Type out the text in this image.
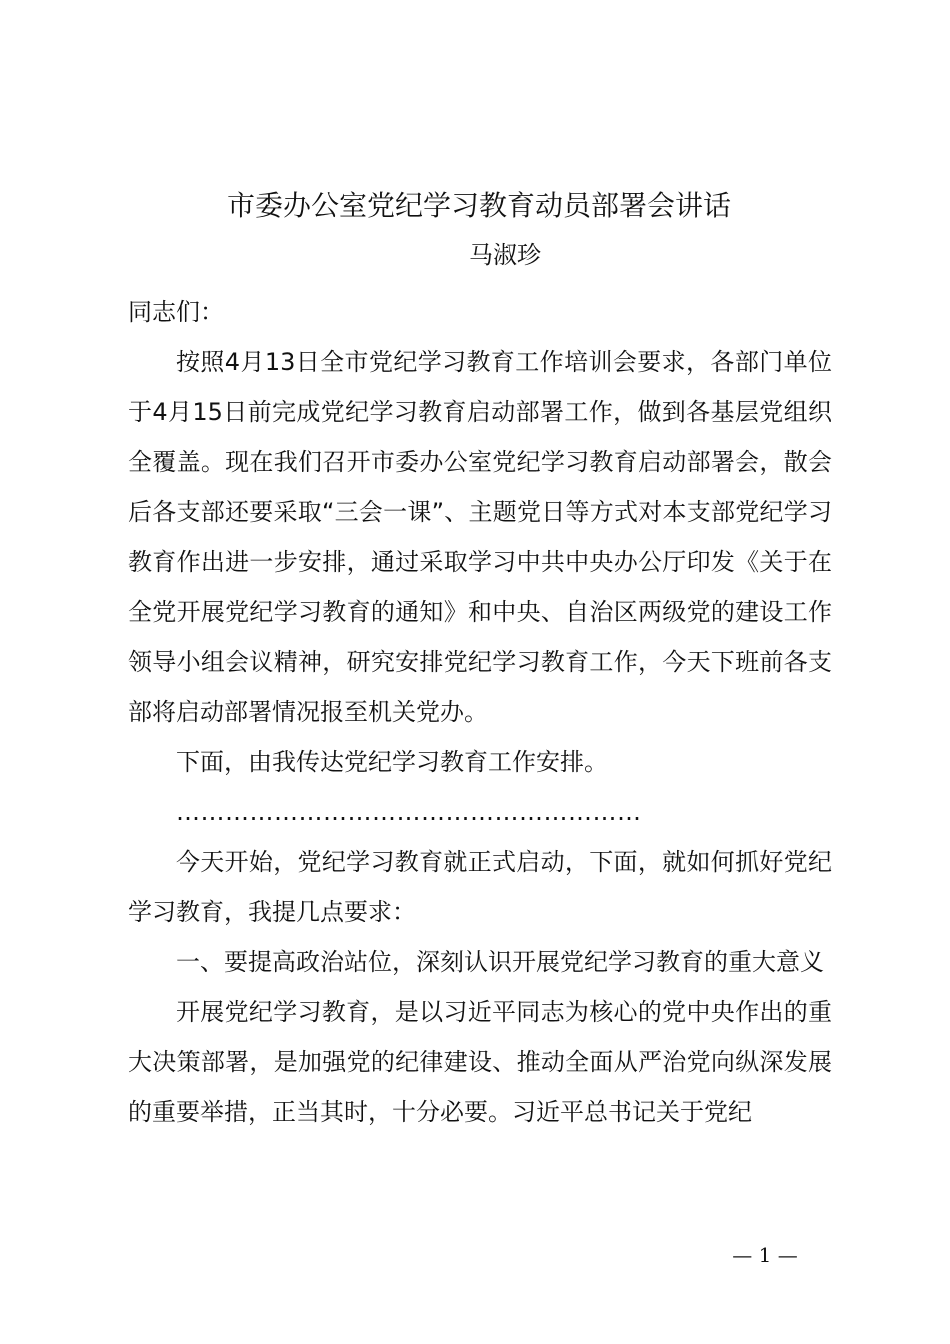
市委办公室党纪学习教育动员部署会讲话
马淑珍

同志们：

按照4月13日全市党纪学习教育工作培训会要求，各部门单位于4月15日前完成党纪学习教育启动部署工作，做到各基层党组织全覆盖。现在我们召开市委办公室党纪学习教育启动部署会，散会后各支部还要采取“三会一课”、主题党日等方式对本支部党纪学习教育作出进一步安排，通过采取学习中共中央办公厅印发《关于在全党开展党纪学习教育的通知》和中央、自治区两级党的建设工作领导小组会议精神，研究安排党纪学习教育工作，今天下班前各支部将启动部署情况报至机关党办。

下面，由我传达党纪学习教育工作安排。

…………………………………………………

今天开始，党纪学习教育就正式启动，下面，就如何抓好党纪学习教育，我提几点要求：

一、要提高政治站位，深刻认识开展党纪学习教育的重大意义

开展党纪学习教育，是以习近平同志为核心的党中央作出的重大决策部署，是加强党的纪律建设、推动全面从严治党向纵深发展的重要举措，正当其时，十分必要。习近平总书记关于党纪

— 1 —
